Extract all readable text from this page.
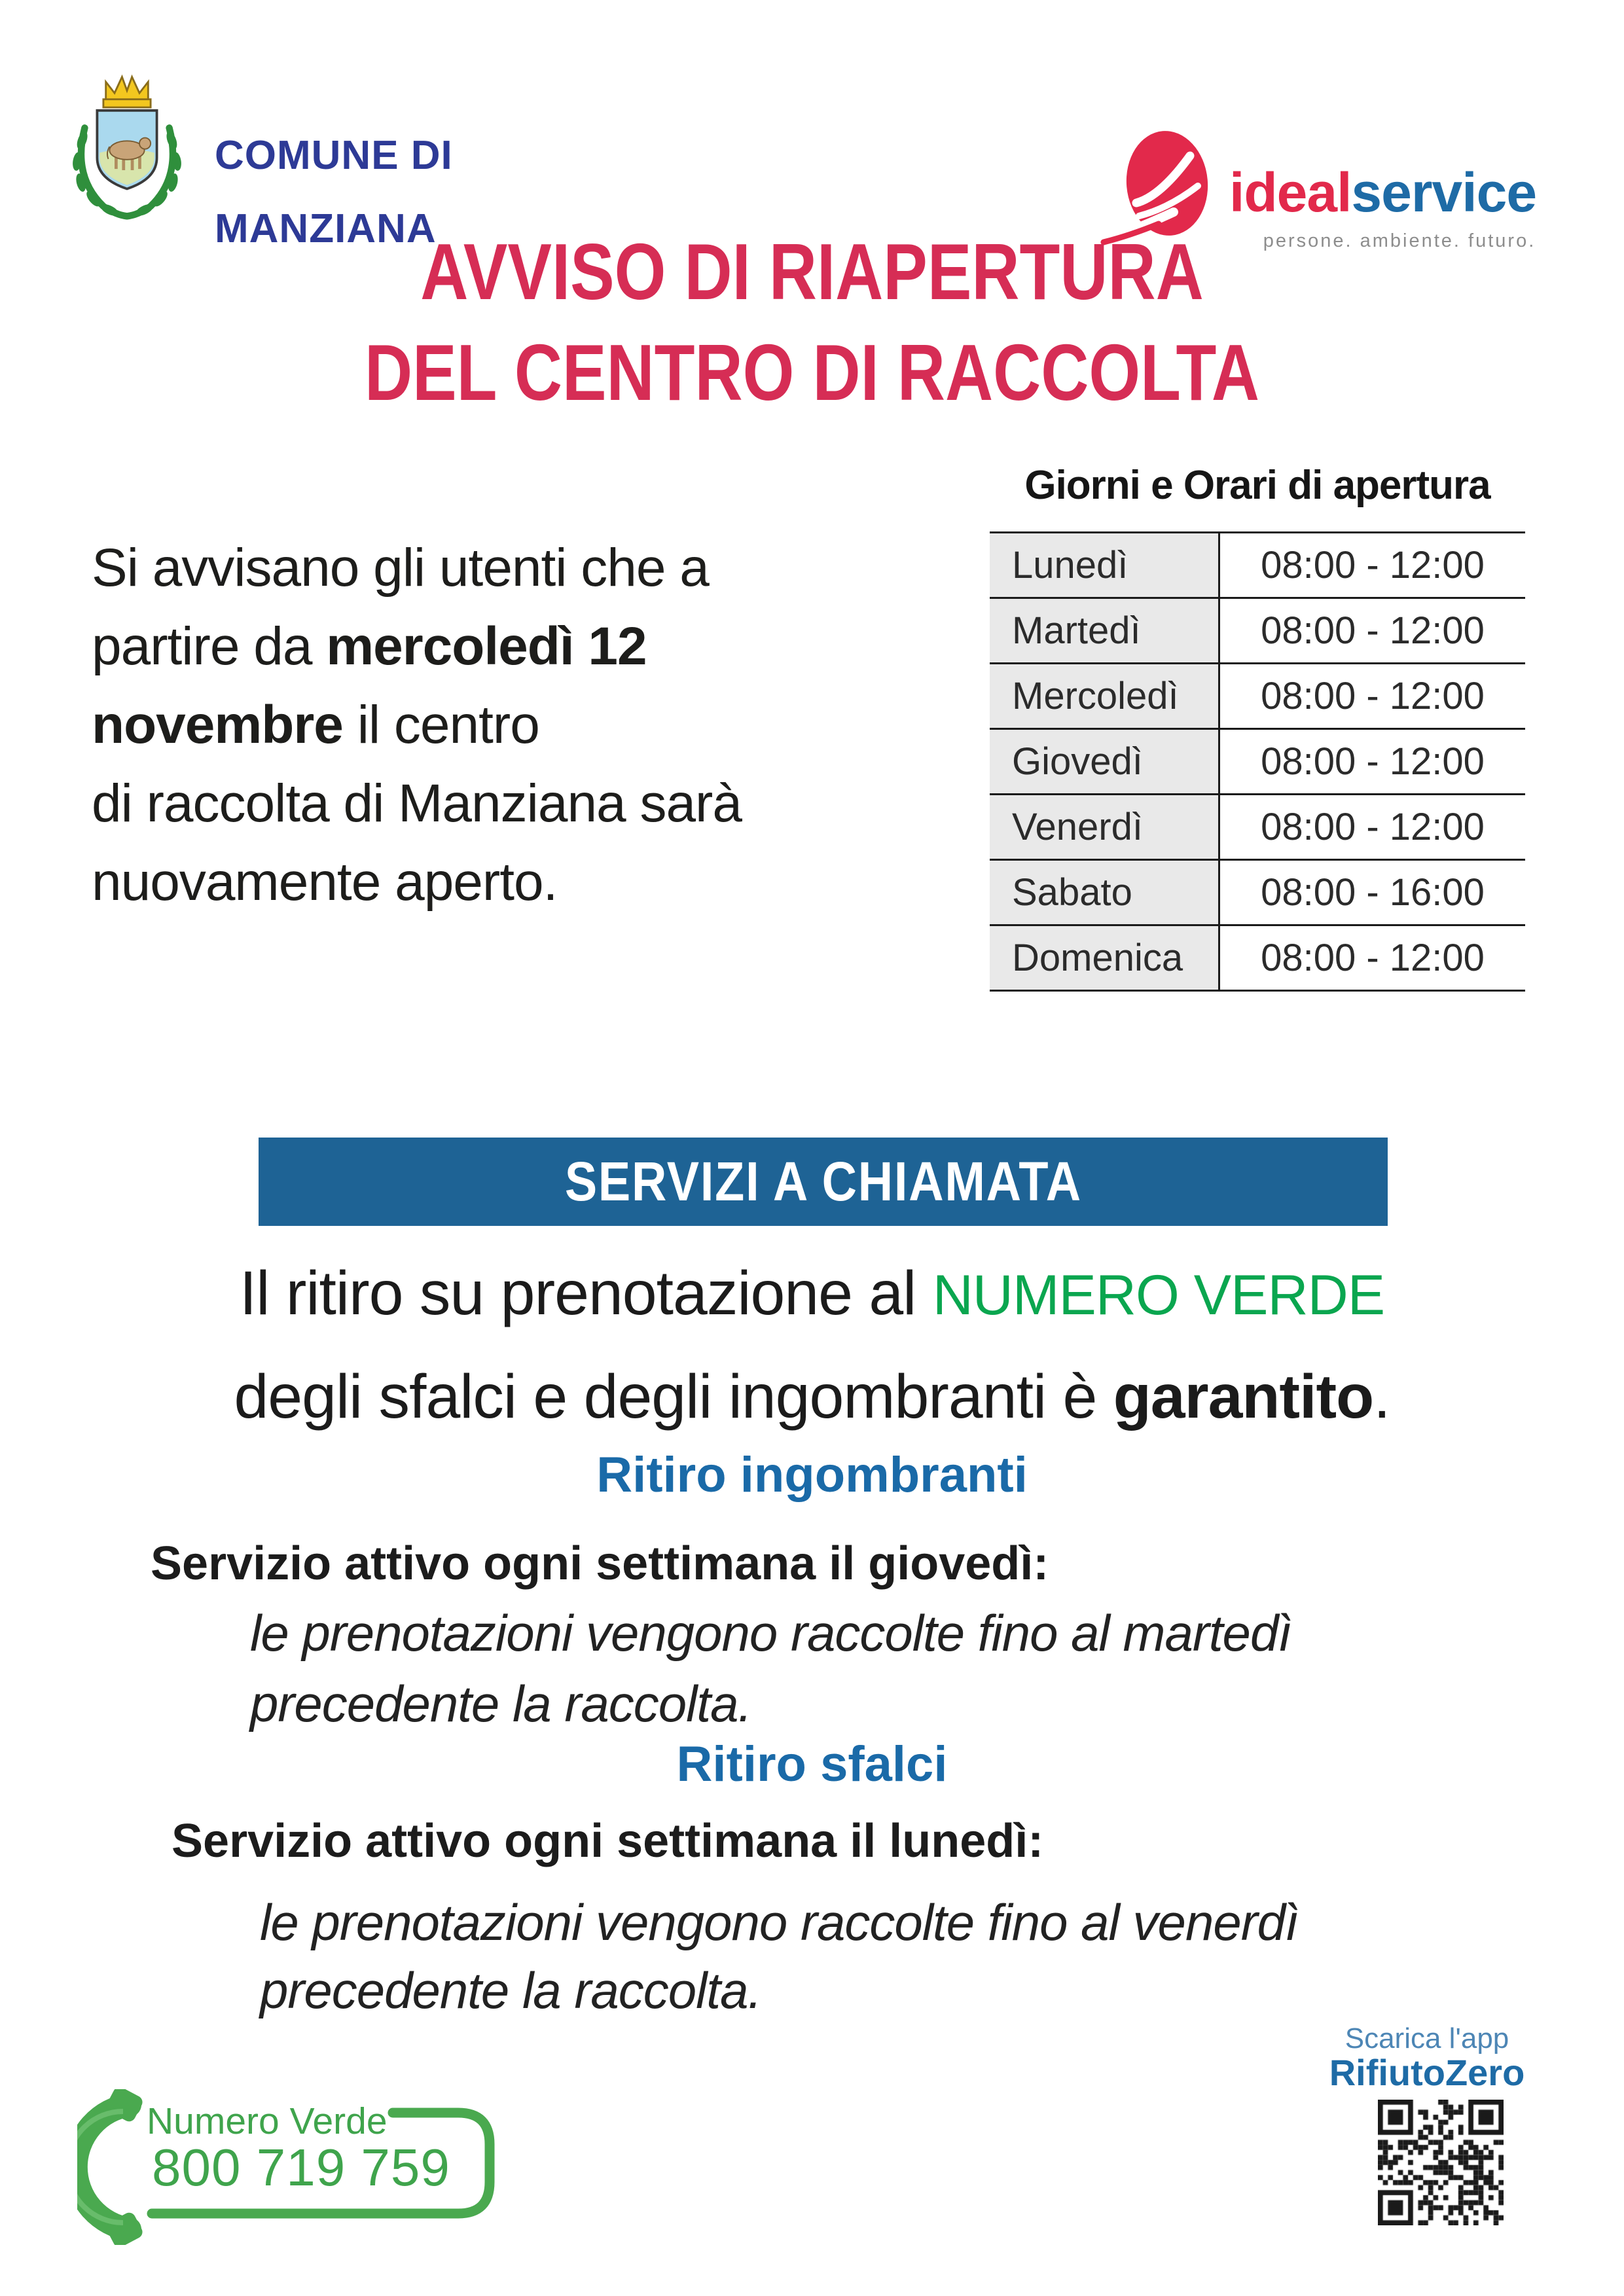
COMUNE DI
MANZIANA
idealservice
persone. ambiente. futuro.
AVVISO DI RIAPERTURA
DEL CENTRO DI RACCOLTA
Si avvisano gli utenti che a
partire da mercoledì 12
novembre il centro
di raccolta di Manziana sarà
nuovamente aperto.
Giorni e Orari di apertura
Lunedì	08:00 - 12:00
Martedì	08:00 - 12:00
Mercoledì	08:00 - 12:00
Giovedì	08:00 - 12:00
Venerdì	08:00 - 12:00
Sabato	08:00 - 16:00
Domenica	08:00 - 12:00
SERVIZI A CHIAMATA
Il ritiro su prenotazione al NUMERO VERDE
degli sfalci e degli ingombranti è garantito.
Ritiro ingombranti
Servizio attivo ogni settimana il giovedì:
le prenotazioni vengono raccolte fino al martedì
precedente la raccolta.
Ritiro sfalci
Servizio attivo ogni settimana il lunedì:
le prenotazioni vengono raccolte fino al venerdì
precedente la raccolta.
Numero Verde
800 719 759
Scarica l'app
RifiutoZero
